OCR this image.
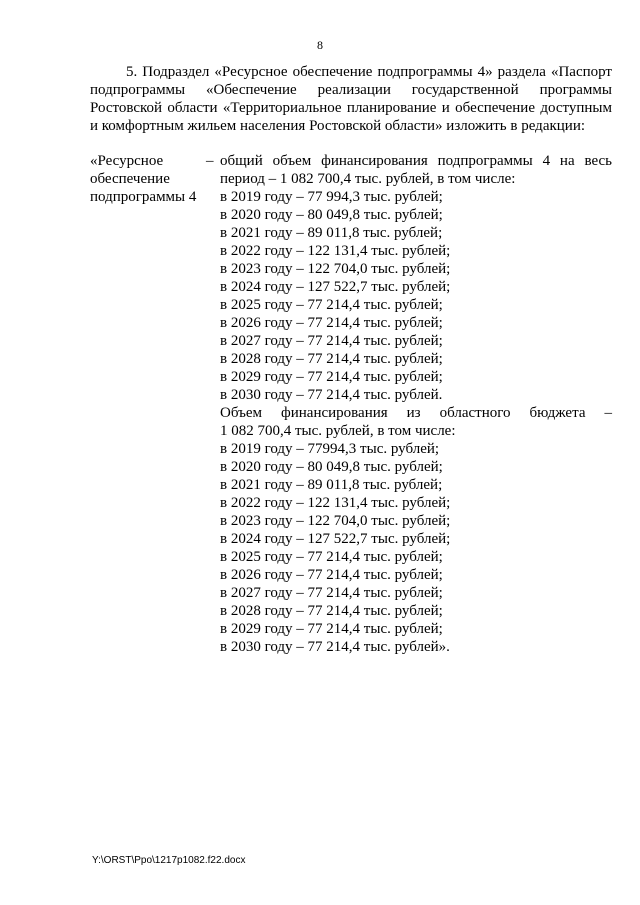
8
5. Подраздел «Ресурсное обеспечение подпрограммы 4» раздела «Паспорт подпрограммы «Обеспечение реализации государственной программы Ростовской области «Территориальное планирование и обеспечение доступным и комфортным жильем населения Ростовской области» изложить в редакции:
«Ресурсное
обеспечение
подпрограммы 4
– общий объем финансирования подпрограммы 4 на весь
период – 1 082 700,4 тыс. рублей, в том числе:
в 2019 году – 77 994,3 тыс. рублей;
в 2020 году – 80 049,8 тыс. рублей;
в 2021 году – 89 011,8 тыс. рублей;
в 2022 году – 122 131,4 тыс. рублей;
в 2023 году – 122 704,0 тыс. рублей;
в 2024 году – 127 522,7 тыс. рублей;
в 2025 году – 77 214,4 тыс. рублей;
в 2026 году – 77 214,4 тыс. рублей;
в 2027 году – 77 214,4 тыс. рублей;
в 2028 году – 77 214,4 тыс. рублей;
в 2029 году – 77 214,4 тыс. рублей;
в 2030 году – 77 214,4 тыс. рублей.
Объем финансирования из областного бюджета –
1 082 700,4 тыс. рублей, в том числе:
в 2019 году – 77994,3 тыс. рублей;
в 2020 году – 80 049,8 тыс. рублей;
в 2021 году – 89 011,8 тыс. рублей;
в 2022 году – 122 131,4 тыс. рублей;
в 2023 году – 122 704,0 тыс. рублей;
в 2024 году – 127 522,7 тыс. рублей;
в 2025 году – 77 214,4 тыс. рублей;
в 2026 году – 77 214,4 тыс. рублей;
в 2027 году – 77 214,4 тыс. рублей;
в 2028 году – 77 214,4 тыс. рублей;
в 2029 году – 77 214,4 тыс. рублей;
в 2030 году – 77 214,4 тыс. рублей».
Y:\ORST\Ppo\1217p1082.f22.docx
